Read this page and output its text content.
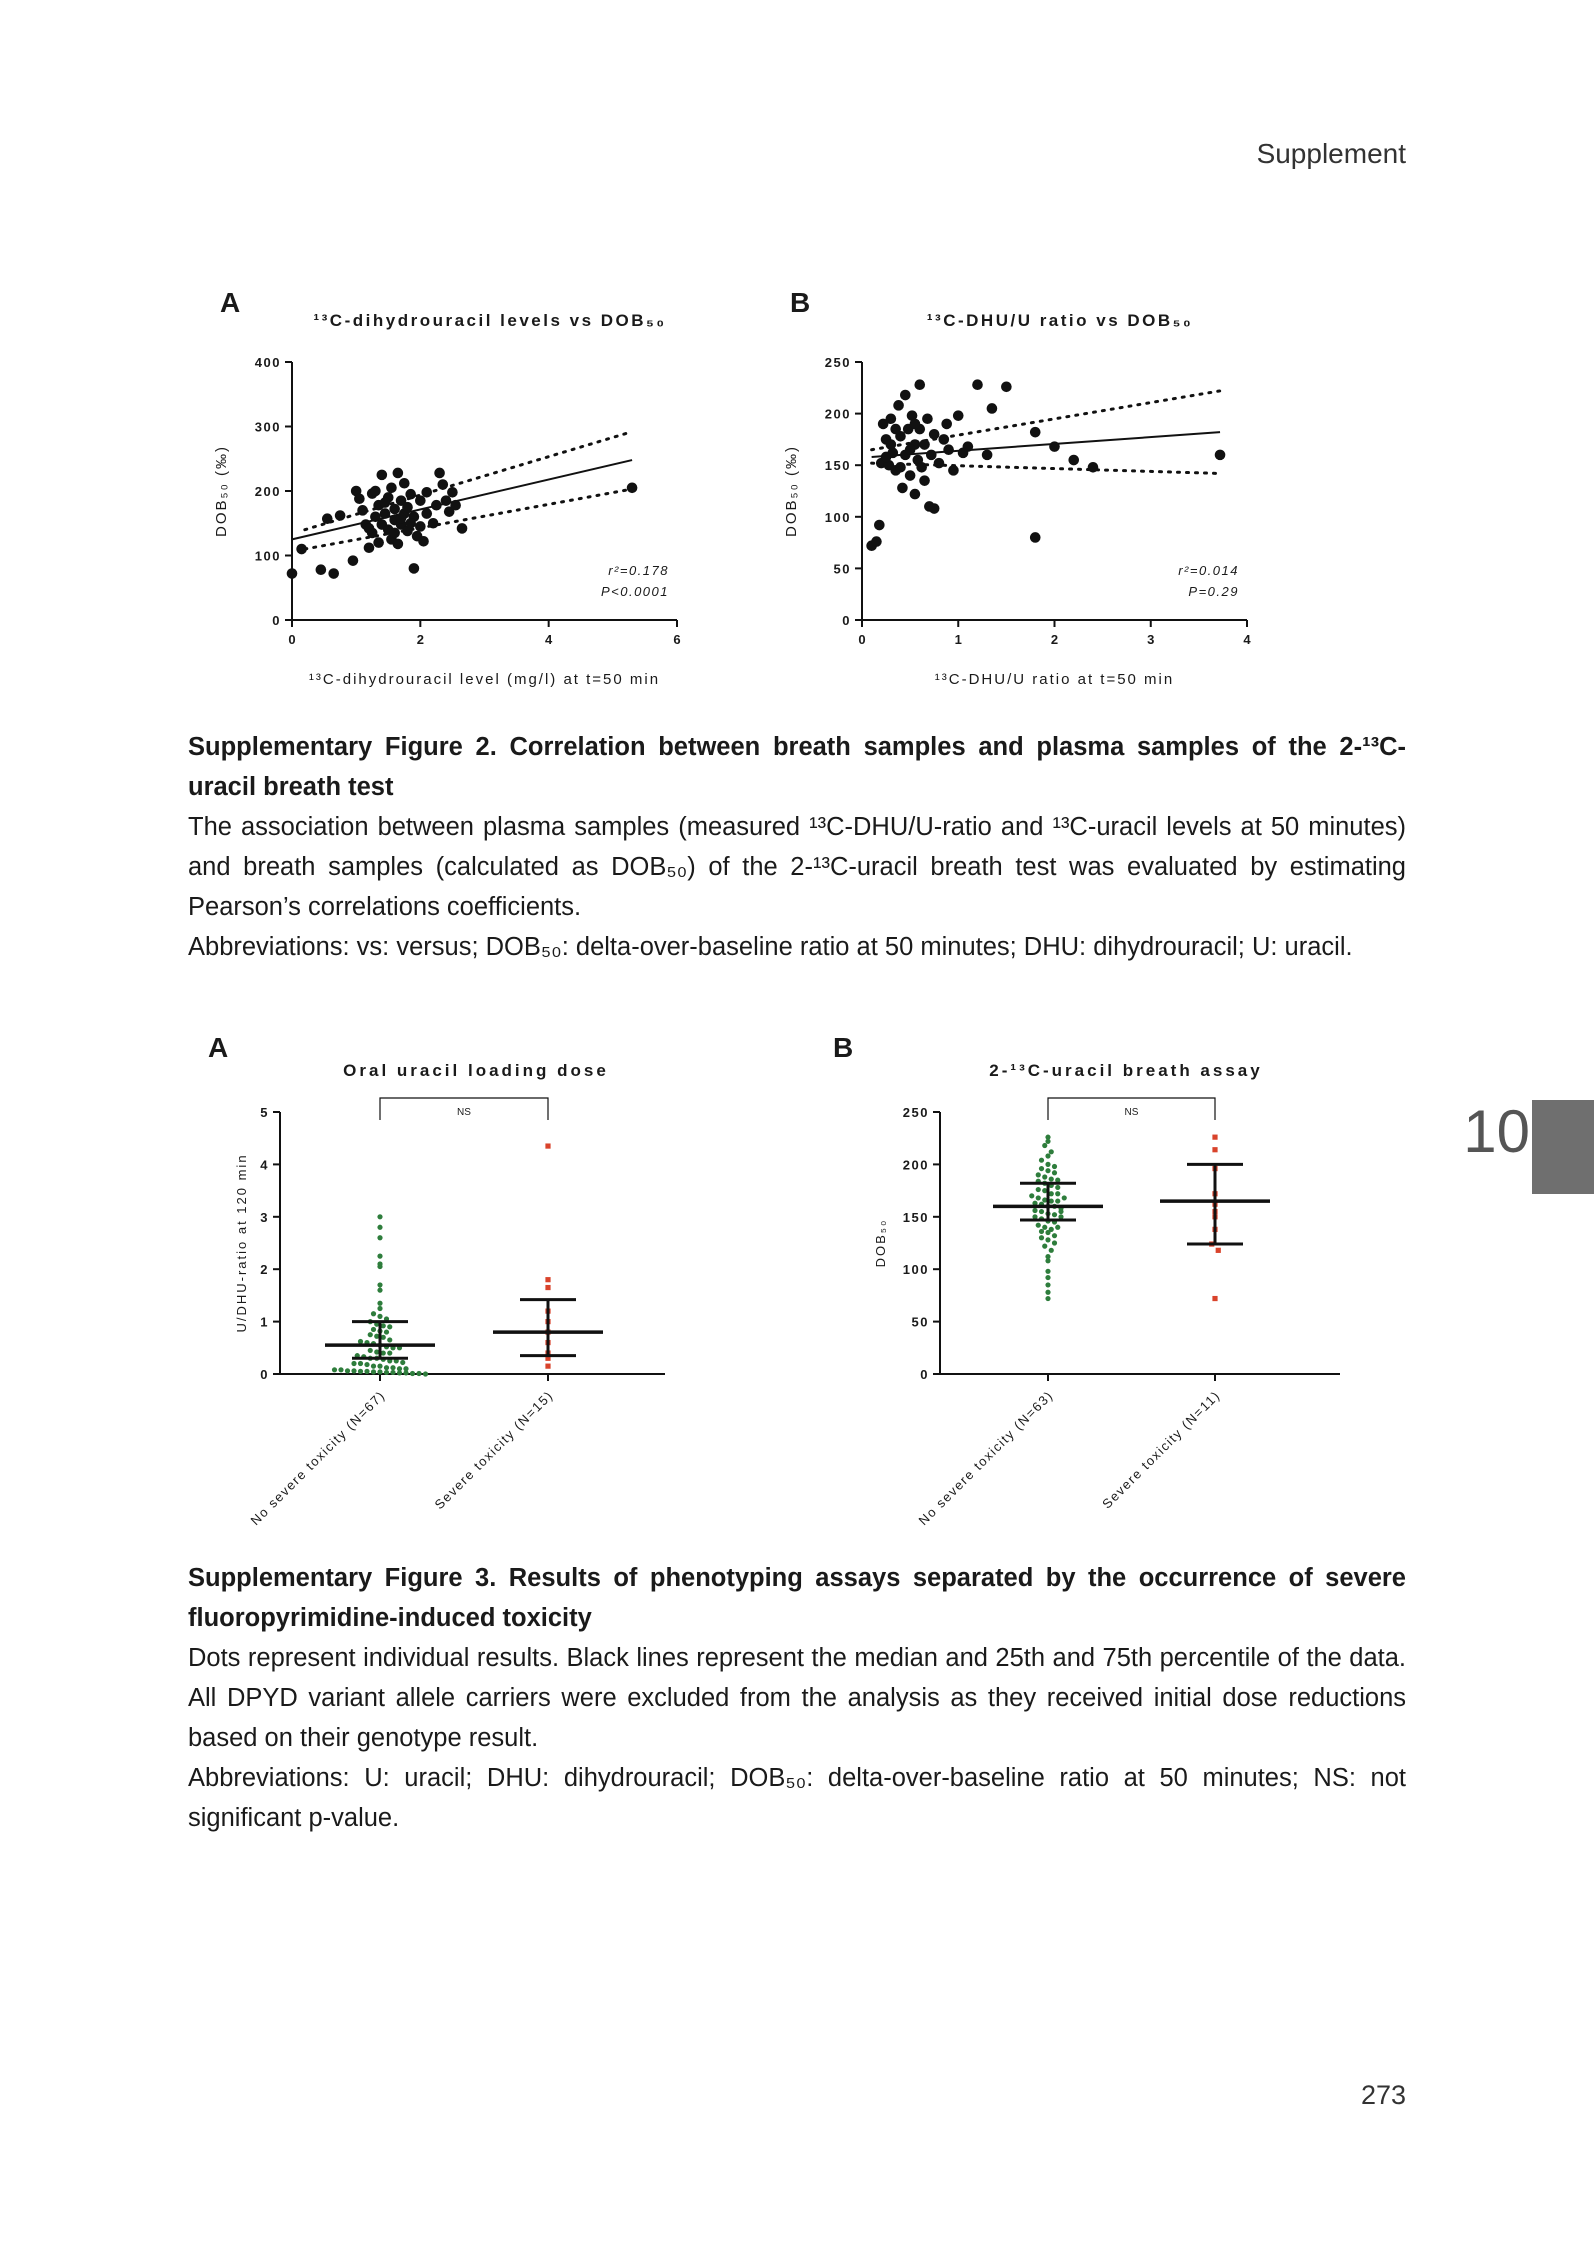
Supplement
A
¹³C-dihydrouracil levels vs DOB₅₀
0
100
200
300
400
0	2	4	6
¹³C-dihydrouracil level (mg/l) at t=50 min
DOB₅₀ (‰)
r²=0.178
P<0.0001
B
¹³C-DHU/U ratio vs DOB₅₀
0
50
100
150
200
250
0	1	2	3	4
¹³C-DHU/U ratio at t=50 min
DOB₅₀ (‰)
r²=0.014
P=0.29

Supplementary Figure 2. Correlation between breath samples and plasma samples of the 2-¹³C-uracil breath test

The association between plasma samples (measured ¹³C-DHU/U-ratio and ¹³C-uracil levels at 50 minutes) and breath samples (calculated as DOB₅₀) of the 2-¹³C-uracil breath test was evaluated by estimating Pearson’s correlations coefficients.

Abbreviations: vs: versus; DOB₅₀: delta-over-baseline ratio at 50 minutes; DHU: dihydrouracil; U: uracil.

A
Oral uracil loading dose
0
1
2
3
4
5
U/DHU-ratio at 120 min
NS
No severe toxicity (N=67)	Severe toxicity (N=15)
B
2-¹³C-uracil breath assay
0
50
100
150
200
250
DOB₅₀
NS
No severe toxicity (N=63)	Severe toxicity (N=11)
10

Supplementary Figure 3. Results of phenotyping assays separated by the occurrence of severe fluoropyrimidine-induced toxicity

Dots represent individual results. Black lines represent the median and 25th and 75th percentile of the data. All DPYD variant allele carriers were excluded from the analysis as they received initial dose reductions based on their genotype result.

Abbreviations: U: uracil; DHU: dihydrouracil; DOB₅₀: delta-over-baseline ratio at 50 minutes; NS: not significant p-value.

273
